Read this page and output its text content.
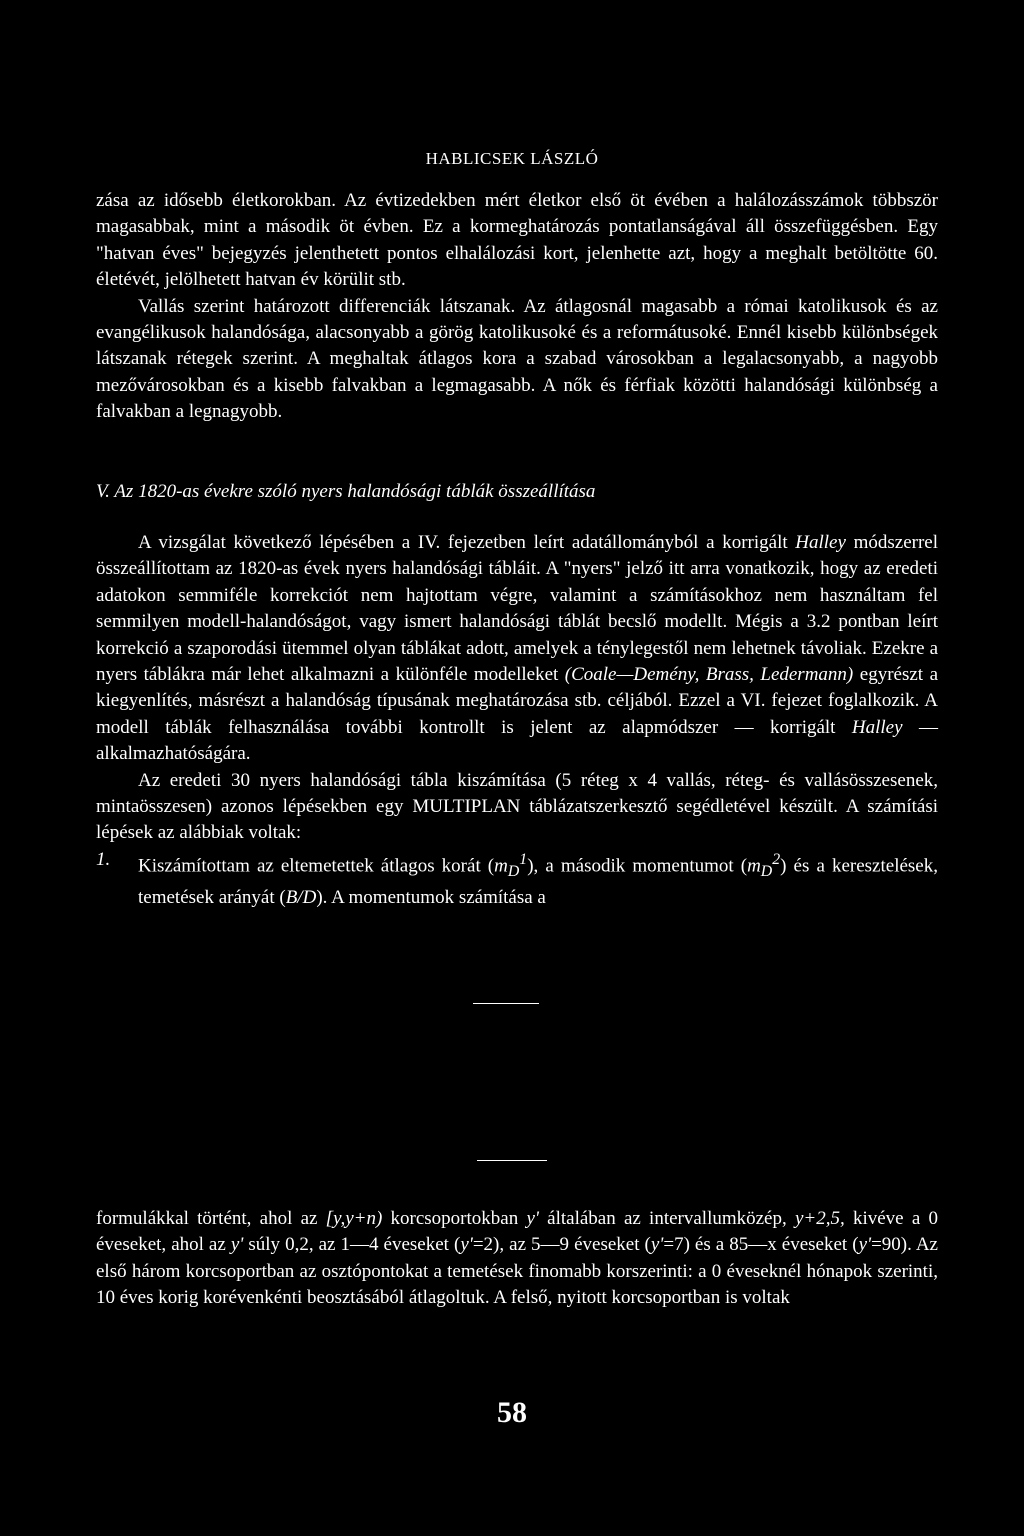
HABLICSEK LÁSZLÓ

zása az idősebb életkorokban. Az évtizedekben mért életkor első öt évében a halálozásszámok többször magasabbak, mint a második öt évben. Ez a kormeghatározás pontatlanságával áll összefüggésben. Egy "hatvan éves" bejegyzés jelenthetett pontos elhalálozási kort, jelenhette azt, hogy a meghalt betöltötte 60. életévét, jelölhetett hatvan év körülit stb.

Vallás szerint határozott differenciák látszanak. Az átlagosnál magasabb a római katolikusok és az evangélikusok halandósága, alacsonyabb a görög katolikusoké és a reformátusoké. Ennél kisebb különbségek látszanak rétegek szerint. A meghaltak átlagos kora a szabad városokban a legalacsonyabb, a nagyobb mezővárosokban és a kisebb falvakban a legmagasabb. A nők és férfiak közötti halandósági különbség a falvakban a legnagyobb.

V. Az 1820-as évekre szóló nyers halandósági táblák összeállítása

A vizsgálat következő lépésében a IV. fejezetben leírt adatállományból a korrigált Halley módszerrel összeállítottam az 1820-as évek nyers halandósági tábláit. A "nyers" jelző itt arra vonatkozik, hogy az eredeti adatokon semmiféle korrekciót nem hajtottam végre, valamint a számításokhoz nem használtam fel semmilyen modell-halandóságot, vagy ismert halandósági táblát becslő modellt. Mégis a 3.2 pontban leírt korrekció a szaporodási ütemmel olyan táblákat adott, amelyek a ténylegestől nem lehetnek távoliak. Ezekre a nyers táblákra már lehet alkalmazni a különféle modelleket (Coale—Demény, Brass, Ledermann) egyrészt a kiegyenlítés, másrészt a halandóság típusának meghatározása stb. céljából. Ezzel a VI. fejezet foglalkozik. A modell táblák felhasználása további kontrollt is jelent az alapmódszer — korrigált Halley — alkalmazhatóságára.

Az eredeti 30 nyers halandósági tábla kiszámítása (5 réteg x 4 vallás, réteg- és vallásösszesenek, mintaösszesen) azonos lépésekben egy MULTIPLAN táblázatszerkesztő segédletével készült. A számítási lépések az alábbiak voltak:

1.	Kiszámítottam az eltemetettek átlagos korát $(m_D^1)$, a második momentumot $(m_D^2)$ és a keresztelések, temetések arányát (B/D). A momentumok számítása a

formulákkal történt, ahol az [y,y+n) korcsoportokban y' általában az intervallumközép, y+2,5, kivéve a 0 éveseket, ahol az y' súly 0,2, az 1—4 éveseket (y'=2), az 5—9 éveseket (y'=7) és a 85—x éveseket (y'=90). Az első három korcsoportban az osztópontokat a temetések finomabb korszerinti: a 0 éveseknél hónapok szerinti, 10 éves korig korévenkénti beosztásából átlagoltuk. A felső, nyitott korcsoportban is voltak

58
